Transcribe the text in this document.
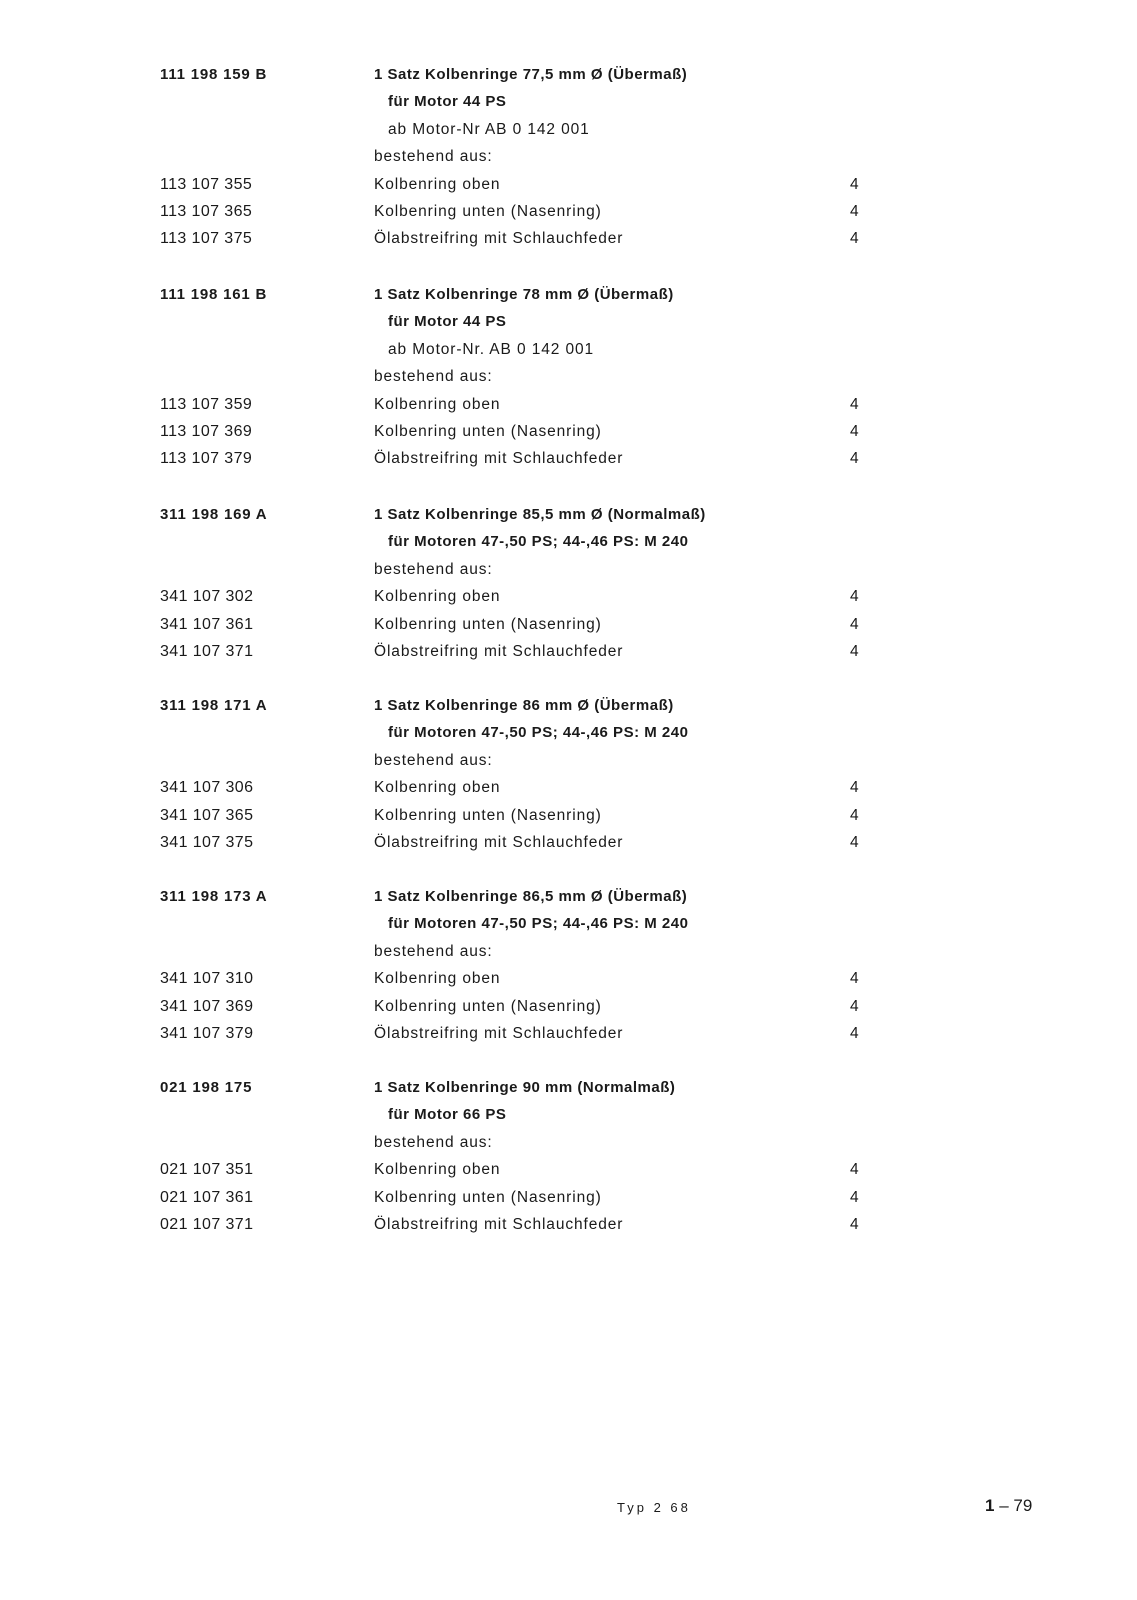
111 198 159 B	1 Satz Kolbenringe 77,5 mm Ø (Übermaß)
für Motor 44 PS
ab Motor-Nr AB 0 142 001
bestehend aus:
113 107 355	Kolbenring oben	4
113 107 365	Kolbenring unten (Nasenring)	4
113 107 375	Ölabstreifring mit Schlauchfeder	4
111 198 161 B	1 Satz Kolbenringe 78 mm Ø (Übermaß)
für Motor 44 PS
ab Motor-Nr. AB 0 142 001
bestehend aus:
113 107 359	Kolbenring oben	4
113 107 369	Kolbenring unten (Nasenring)	4
113 107 379	Ölabstreifring mit Schlauchfeder	4
311 198 169 A	1 Satz Kolbenringe 85,5 mm Ø (Normalmaß)
für Motoren 47-,50 PS; 44-,46 PS: M 240
bestehend aus:
341 107 302	Kolbenring oben	4
341 107 361	Kolbenring unten (Nasenring)	4
341 107 371	Ölabstreifring mit Schlauchfeder	4
311 198 171 A	1 Satz Kolbenringe 86 mm Ø (Übermaß)
für Motoren 47-,50 PS; 44-,46 PS: M 240
bestehend aus:
341 107 306	Kolbenring oben	4
341 107 365	Kolbenring unten (Nasenring)	4
341 107 375	Ölabstreifring mit Schlauchfeder	4
311 198 173 A	1 Satz Kolbenringe 86,5 mm Ø (Übermaß)
für Motoren 47-,50 PS; 44-,46 PS: M 240
bestehend aus:
341 107 310	Kolbenring oben	4
341 107 369	Kolbenring unten (Nasenring)	4
341 107 379	Ölabstreifring mit Schlauchfeder	4
021 198 175	1 Satz Kolbenringe 90 mm (Normalmaß)
für Motor 66 PS
bestehend aus:
021 107 351	Kolbenring oben	4
021 107 361	Kolbenring unten (Nasenring)	4
021 107 371	Ölabstreifring mit Schlauchfeder	4
Typ 2 68	1 – 79
